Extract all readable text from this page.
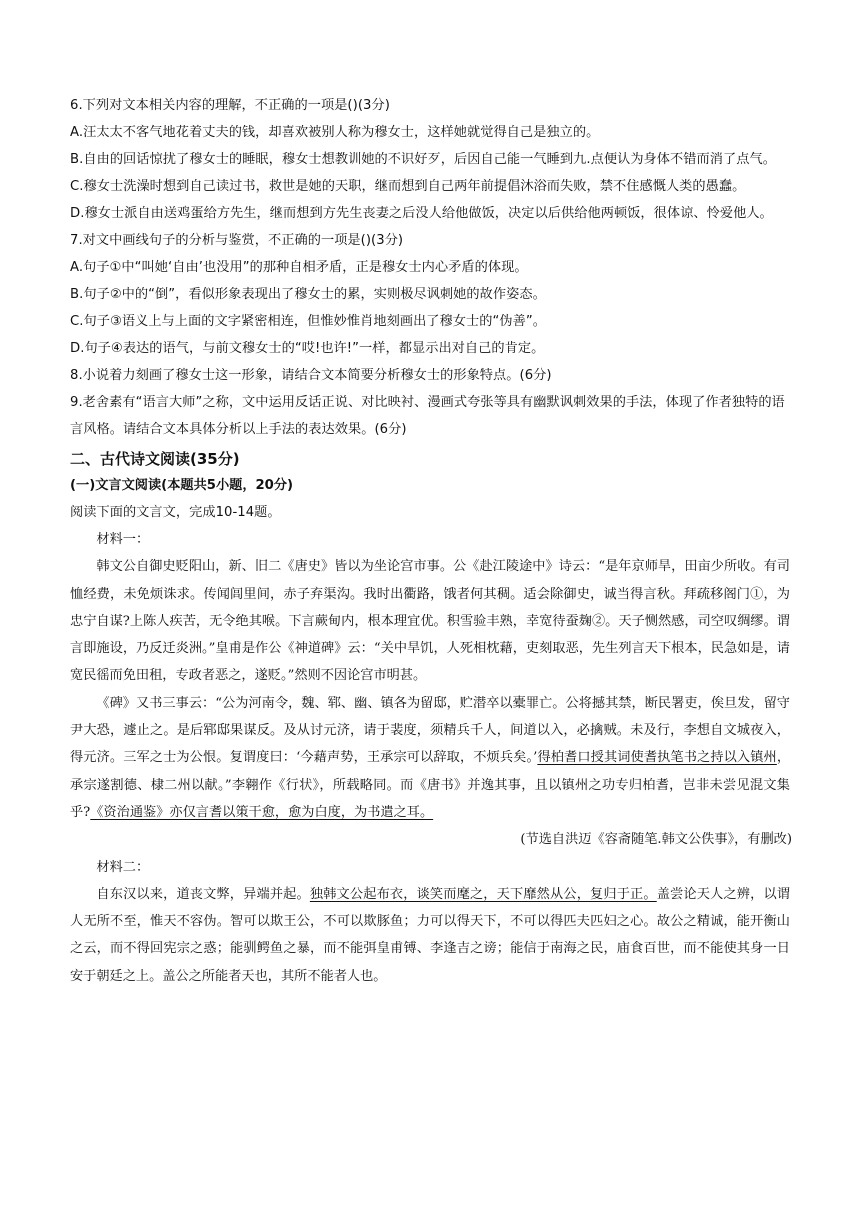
6.下列对文本相关内容的理解，不正确的一项是()(3分)

A.汪太太不客气地花着丈夫的钱，却喜欢被别人称为穆女士，这样她就觉得自己是独立的。

B.自由的回话惊扰了穆女士的睡眠，穆女士想教训她的不识好歹，后因自己能一气睡到九.点便认为身体不错而消了点气。

C.穆女士洗澡时想到自己读过书，救世是她的天职，继而想到自己两年前提倡沐浴而失败，禁不住感慨人类的愚蠢。

D.穆女士派自由送鸡蛋给方先生，继而想到方先生丧妻之后没人给他做饭，决定以后供给他两顿饭，很体谅、怜爱他人。

7.对文中画线句子的分析与鉴赏，不正确的一项是()(3分)

A.句子①中“叫她‘自由’也没用”的那种自相矛盾，正是穆女士内心矛盾的体现。

B.句子②中的“倒”，看似形象表现出了穆女士的累，实则极尽讽刺她的故作姿态。

C.句子③语义上与上面的文字紧密相连，但惟妙惟肖地刻画出了穆女士的“伪善”。

D.句子④表达的语气，与前文穆女士的“哎!也许!”一样，都显示出对自己的肯定。

8.小说着力刻画了穆女士这一形象，请结合文本简要分析穆女士的形象特点。(6分)

9.老舍素有“语言大师”之称，文中运用反话正说、对比映衬、漫画式夸张等具有幽默讽刺效果的手法，体现了作者独特的语言风格。请结合文本具体分析以上手法的表达效果。(6分)

二、古代诗文阅读(35分)

(一)文言文阅读(本题共5小题，20分)

阅读下面的文言文，完成10-14题。

材料一：

韩文公自御史贬阳山，新、旧二《唐史》皆以为坐论宫市事。公《赴江陵途中》诗云：“是年京师旱，田亩少所收。有司恤经费，未免烦诛求。传闻闾里间，赤子弃渠沟。我时出衢路，饿者何其稠。适会除御史，诚当得言秋。拜疏移阁门①，为忠宁自谋?上陈人疾苦，无令绝其喉。下言蕨甸内，根本理宜优。积雪验丰熟，幸宽待蚕麹②。天子恻然感，司空叹绸缪。谓言即施设，乃反迁炎洲。”皇甫是作公《神道碑》云：“关中旱饥，人死相枕藉，吏刻取恶，先生列言天下根本，民急如是，请宽民徭而免田租，专政者恶之，遂贬。”然则不因论宫市明甚。

《碑》又书三事云：“公为河南令，魏、郓、幽、镇各为留邸，贮潜卒以橐罪亡。公将撼其禁，断民署吏，俟旦发，留守尹大恐，遽止之。是后郓邸果谋反。及从讨元济，请于裴度，须精兵千人，间道以入，必擒贼。未及行，李想自文城夜入，得元济。三军之士为公恨。复谓度曰：‘今藉声势，王承宗可以辞取，不烦兵矣。’得柏耆口授其词使耆执笔书之持以入镇州，承宗遂割德、棣二州以献。”李翱作《行状》，所载略同。而《唐书》并逸其事，且以镇州之功专归柏耆，岂非未尝见混文集乎?《资治通鉴》亦仅言耆以策干愈，愈为白度，为书遣之耳。

(节选自洪迈《容斋随笔.韩文公佚事》，有删改)

材料二：

自东汉以来，道丧文弊，异端并起。独韩文公起布衣，谈笑而麾之，天下靡然从公，复归于正。盖尝论天人之辨，以谓人无所不至，惟天不容伪。智可以欺王公，不可以欺豚鱼；力可以得天下，不可以得匹夫匹妇之心。故公之精诚，能开衡山之云，而不得回宪宗之惑；能驯鳄鱼之暴，而不能弭皇甫镈、李逢吉之谤；能信于南海之民，庙食百世，而不能使其身一日安于朝廷之上。盖公之所能者天也，其所不能者人也。
